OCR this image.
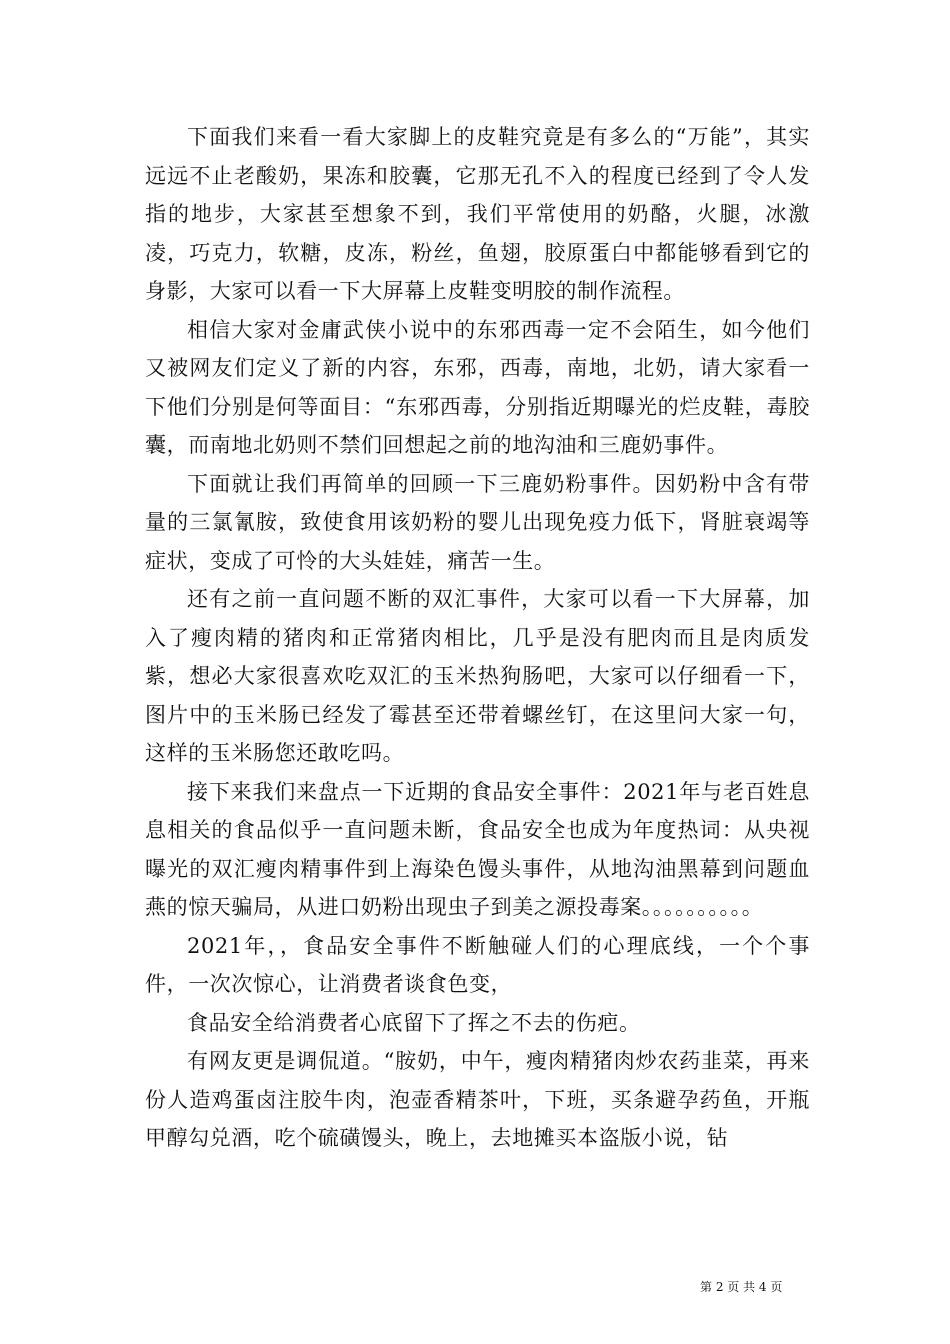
下面我们来看一看大家脚上的皮鞋究竟是有多么的“万能”，其实远远不止老酸奶，果冻和胶囊，它那无孔不入的程度已经到了令人发指的地步，大家甚至想象不到，我们平常使用的奶酪，火腿，冰激凌，巧克力，软糖，皮冻，粉丝，鱼翅，胶原蛋白中都能够看到它的身影，大家可以看一下大屏幕上皮鞋变明胶的制作流程。

相信大家对金庸武侠小说中的东邪西毒一定不会陌生，如今他们又被网友们定义了新的内容，东邪，西毒，南地，北奶，请大家看一下他们分别是何等面目：“东邪西毒，分别指近期曝光的烂皮鞋，毒胶囊，而南地北奶则不禁们回想起之前的地沟油和三鹿奶事件。

下面就让我们再简单的回顾一下三鹿奶粉事件。因奶粉中含有带量的三氯氰胺，致使食用该奶粉的婴儿出现免疫力低下，肾脏衰竭等症状，变成了可怜的大头娃娃，痛苦一生。

还有之前一直问题不断的双汇事件，大家可以看一下大屏幕，加入了瘦肉精的猪肉和正常猪肉相比，几乎是没有肥肉而且是肉质发紫，想必大家很喜欢吃双汇的玉米热狗肠吧，大家可以仔细看一下，图片中的玉米肠已经发了霉甚至还带着螺丝钉，在这里问大家一句，这样的玉米肠您还敢吃吗。

接下来我们来盘点一下近期的食品安全事件：2021年与老百姓息息相关的食品似乎一直问题未断，食品安全也成为年度热词：从央视曝光的双汇瘦肉精事件到上海染色馒头事件，从地沟油黑幕到问题血燕的惊天骗局，从进口奶粉出现虫子到美之源投毒案。。。。。。。。。。

2021年，，食品安全事件不断触碰人们的心理底线，一个个事件，一次次惊心，让消费者谈食色变，

食品安全给消费者心底留下了挥之不去的伤疤。

有网友更是调侃道。“胺奶，中午，瘦肉精猪肉炒农药韭菜，再来份人造鸡蛋卤注胶牛肉，泡壶香精茶叶，下班，买条避孕药鱼，开瓶甲醇勾兑酒，吃个硫磺馒头，晚上，去地摊买本盗版小说，钻

第 2 页 共 4 页
